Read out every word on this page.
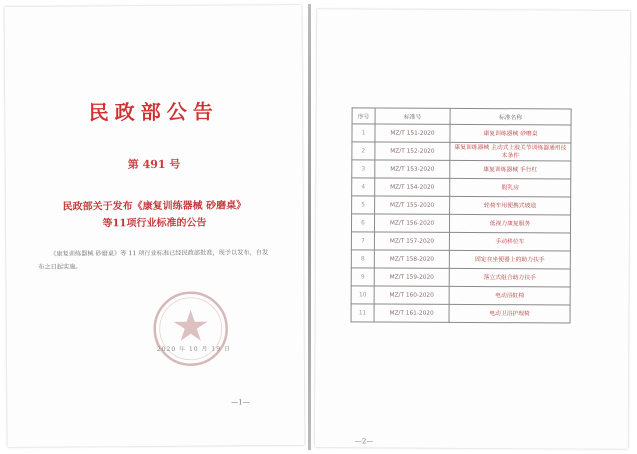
民政部公告
第 491 号
民政部关于发布《康复训练器械 砂磨桌》
等11项行业标准的公告
《康复训练器械 砂磨桌》等 11 项行业标准已经民政部批准，现予以发布，自发布之日起实施。
2020 年 10 月 19 日
—1—
序号	标准号	标准名称
1	MZ/T 151-2020	康复训练器械 砂磨桌
2	MZ/T 152-2020	康复训练器械 主动式上肢关节训练器通用技术条件
3	MZ/T 153-2020	康复训练器械 手行杠
4	MZ/T 154-2020	假乳房
5	MZ/T 155-2020	轮椅车用便携式坡道
6	MZ/T 156-2020	低视力康复服务
7	MZ/T 157-2020	手动移位车
8	MZ/T 158-2020	固定在坐便器上的助力扶手
9	MZ/T 159-2020	落立式组合助力扶手
10	MZ/T 160-2020	电动浴缸椅
11	MZ/T 161-2020	电动卫浴护理椅
—2—
